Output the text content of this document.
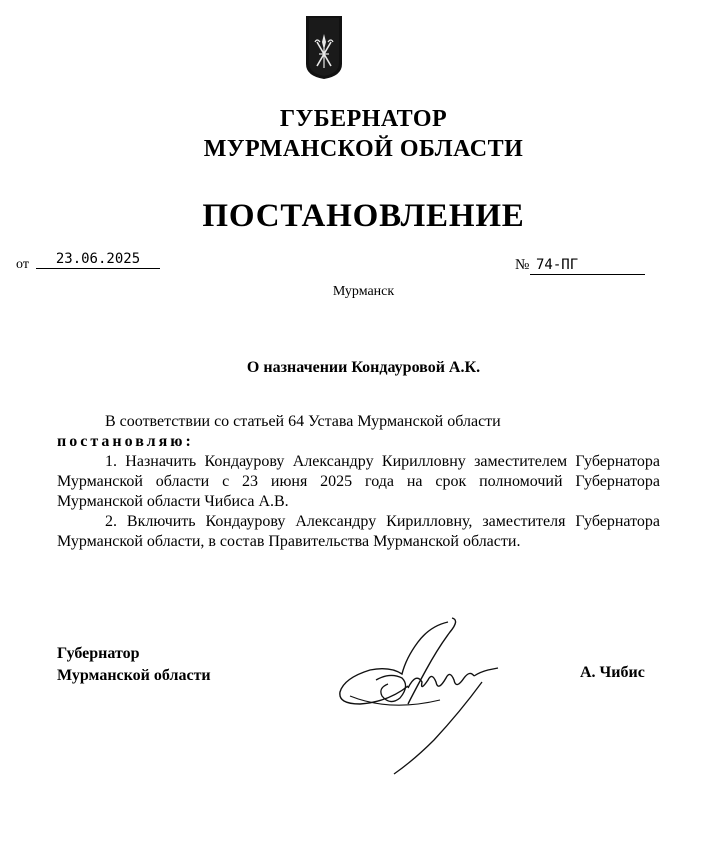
ГУБЕРНАТОР
МУРМАНСКОЙ ОБЛАСТИ
ПОСТАНОВЛЕНИЕ
от	23.06.2025	№ 74-ПГ
Мурманск
О назначении Кондауровой А.К.

В соответствии со статьей 64 Устава Мурманской области

постановляю:

1. Назначить Кондаурову Александру Кирилловну заместителем Губернатора Мурманской области с 23 июня 2025 года на срок полномочий Губернатора Мурманской области Чибиса А.В.

2. Включить Кондаурову Александру Кирилловну, заместителя Губернатора Мурманской области, в состав Правительства Мурманской области.

Губернатор
Мурманской области	А. Чибис
